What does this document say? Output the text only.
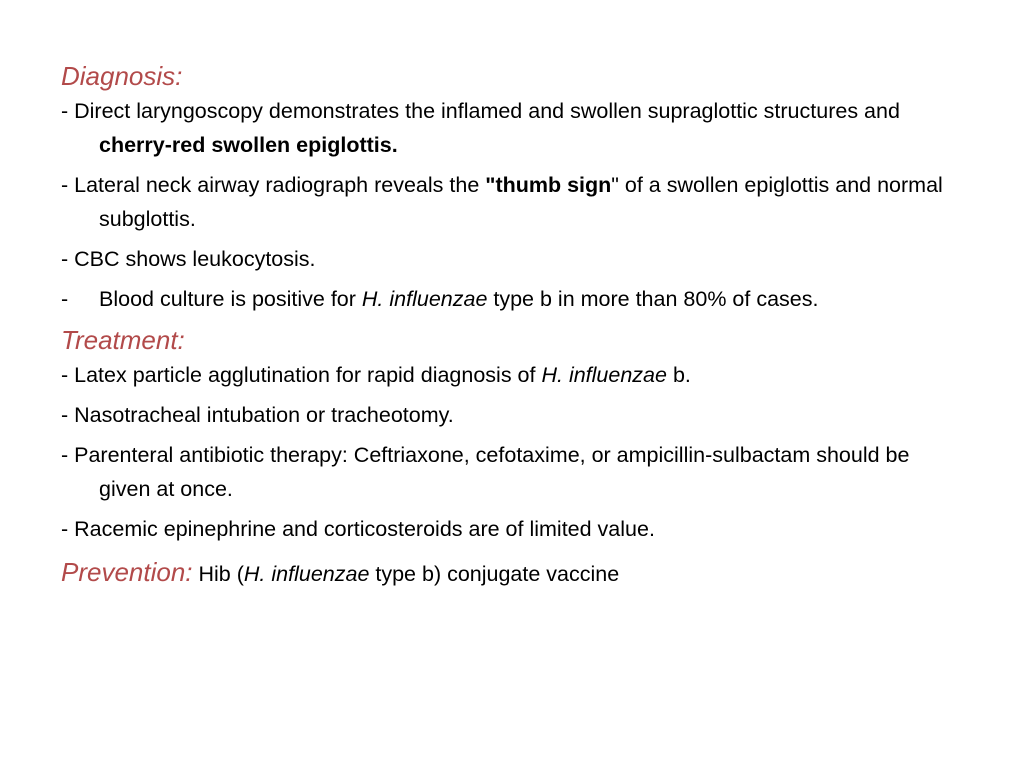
Diagnosis:

- Direct laryngoscopy demonstrates the inflamed and swollen supraglottic structures and cherry-red swollen epiglottis.

- Lateral neck airway radiograph reveals the "thumb sign" of a swollen epiglottis and normal subglottis.

- CBC shows leukocytosis.

- Blood culture is positive for H. influenzae type b in more than 80% of cases.

Treatment:

- Latex particle agglutination for rapid diagnosis of H. influenzae b.

- Nasotracheal intubation or tracheotomy.

- Parenteral antibiotic therapy: Ceftriaxone, cefotaxime, or ampicillin-sulbactam should be given at once.

- Racemic epinephrine and corticosteroids are of limited value.

Prevention: Hib (H. influenzae type b) conjugate vaccine
